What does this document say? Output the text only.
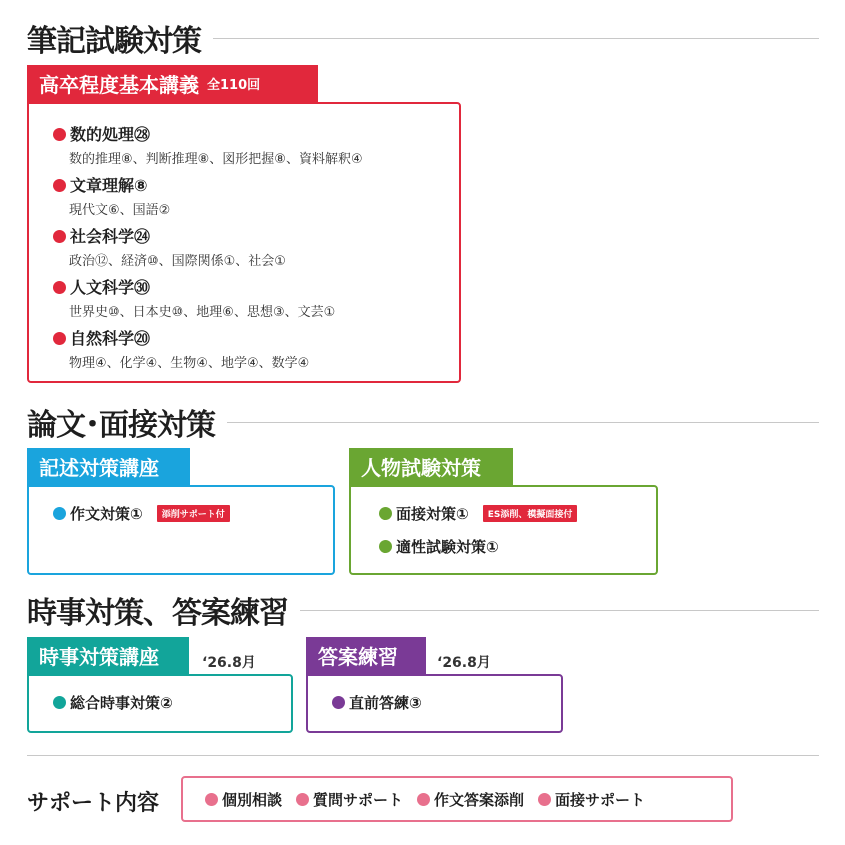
筆記試験対策
高卒程度基本講義 全110回
数的処理㉘
数的推理⑧、判断推理⑧、図形把握⑧、資料解釈④
文章理解⑧
現代文⑥、国語②
社会科学㉔
政治⑫、経済⑩、国際関係①、社会①
人文科学㉚
世界史⑩、日本史⑩、地理⑥、思想③、文芸①
自然科学⑳
物理④、化学④、生物④、地学④、数学④
論文･面接対策
記述対策講座
作文対策①	添削サポート付
人物試験対策
面接対策①	ES添削、模擬面接付
適性試験対策①
時事対策、答案練習
時事対策講座	‘26.8月
総合時事対策②
答案練習	‘26.8月
直前答練③
サポート内容	個別相談 質問サポート 作文答案添削 面接サポート
